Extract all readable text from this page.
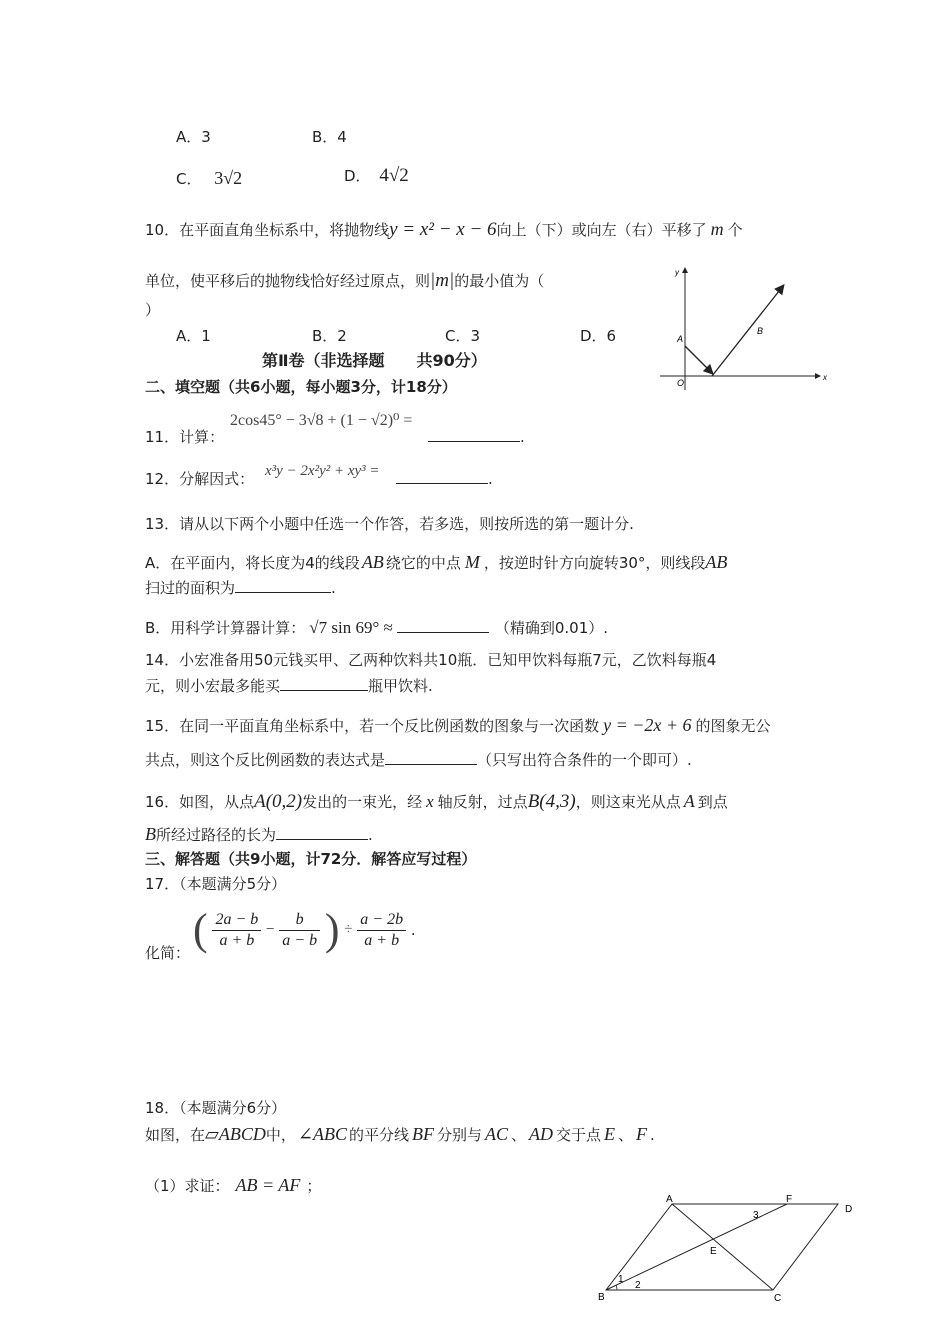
A．3	B．4
C． 3√2	D． 4√2
10．在平面直角坐标系中，将抛物线y = x² − x − 6向上（下）或向左（右）平移了 m 个
单位，使平移后的抛物线恰好经过原点，则|m|的最小值为（
）
A．1	B．2	C．3	D．6
y
x
O
A
B
第Ⅱ卷（非选择题　　共90分）
二、填空题（共6小题，每小题3分，计18分）
11．计算：
2cos45° − 3√8 + (1 − √2)⁰ =
.
12．分解因式： x³y − 2x²y² + xy³ =	.
13．请从以下两个小题中任选一个作答，若多选，则按所选的第一题计分.
A．在平面内，将长度为4的线段 AB 绕它的中点 M ，按逆时针方向旋转30°，则线段AB
扫过的面积为	.
B．用科学计算器计算： √7 sin 69° ≈	（精确到0.01）.
14．小宏准备用50元钱买甲、乙两种饮料共10瓶．已知甲饮料每瓶7元，乙饮料每瓶4
元，则小宏最多能买	瓶甲饮料.
15．在同一平面直角坐标系中，若一个反比例函数的图象与一次函数 y = −2x + 6 的图象无公
共点，则这个反比例函数的表达式是	（只写出符合条件的一个即可）.
16．如图，从点A(0,2)发出的一束光，经 x 轴反射，过点B(4,3)，则这束光从点 A 到点
B所经过路径的长为	.
三、解答题（共9小题，计72分．解答应写过程）
17．（本题满分5分）
化简： ( $\frac{2a - b}{a + b} - \frac{b}{a - b}$ ) ÷ $\frac{a - 2b}{a + b}$ .
18．（本题满分6分）
如图，在▱ABCD中， ∠ABC 的平分线 BF 分别与 AC 、 AD 交于点 E 、 F .
（1）求证： AB = AF ；
A	F
D
E
B	C
1
2
3
